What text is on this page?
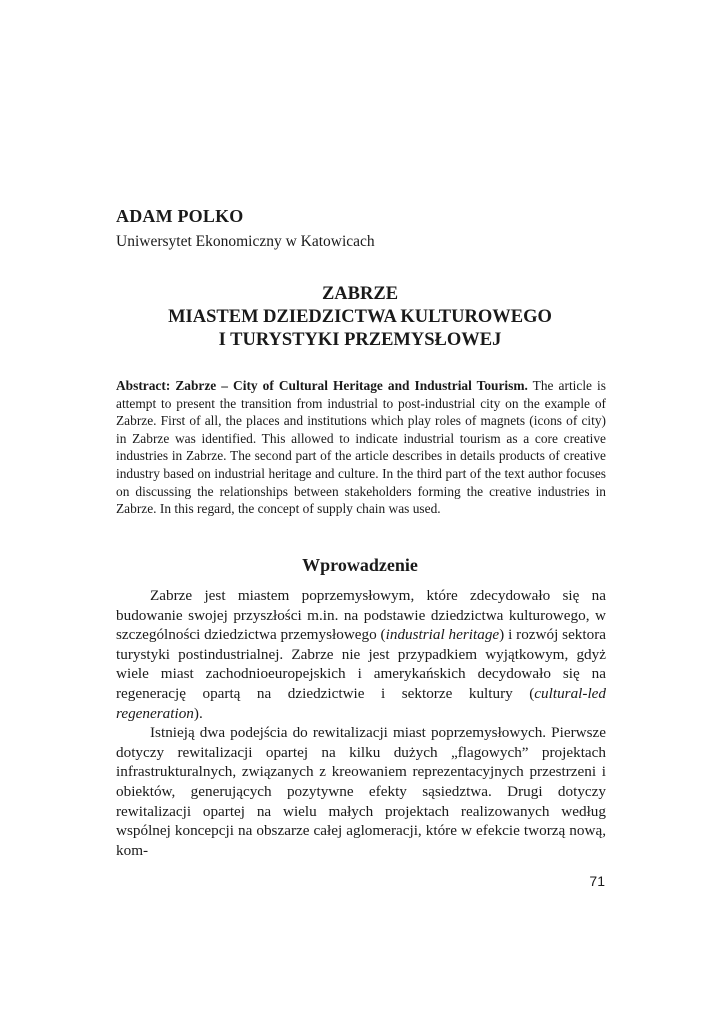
ADAM POLKO

Uniwersytet Ekonomiczny w Katowicach

ZABRZE
MIASTEM DZIEDZICTWA KULTUROWEGO
I TURYSTYKI PRZEMYSŁOWEJ

Abstract: Zabrze – City of Cultural Heritage and Industrial Tourism. The article is attempt to present the transition from industrial to post-industrial city on the example of Zabrze. First of all, the places and institutions which play roles of magnets (icons of city) in Zabrze was identified. This allowed to indicate industrial tourism as a core creative industries in Zabrze. The second part of the article describes in details products of creative industry based on industrial heritage and culture. In the third part of the text author focuses on discussing the relationships between stakeholders forming the creative industries in Zabrze. In this regard, the concept of supply chain was used.

Wprowadzenie

Zabrze jest miastem poprzemysłowym, które zdecydowało się na budowanie swojej przyszłości m.in. na podstawie dziedzictwa kulturowego, w szczególności dziedzictwa przemysłowego (industrial heritage) i rozwój sektora turystyki postindustrialnej. Zabrze nie jest przypadkiem wyjątkowym, gdyż wiele miast zachodnioeuropejskich i amerykańskich decydowało się na regenerację opartą na dziedzictwie i sektorze kultury (cultural-led regeneration).

Istnieją dwa podejścia do rewitalizacji miast poprzemysłowych. Pierwsze dotyczy rewitalizacji opartej na kilku dużych „flagowych” projektach infrastrukturalnych, związanych z kreowaniem reprezentacyjnych przestrzeni i obiektów, generujących pozytywne efekty sąsiedztwa. Drugi dotyczy rewitalizacji opartej na wielu małych projektach realizowanych według wspólnej koncepcji na obszarze całej aglomeracji, które w efekcie tworzą nową, kom-

71
